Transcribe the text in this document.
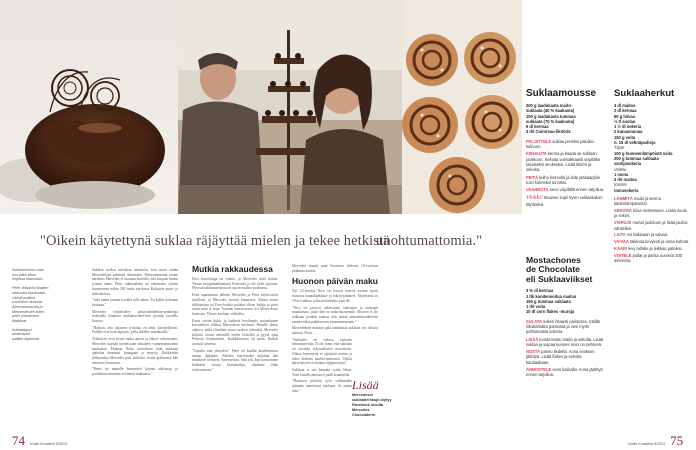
"Oikein käytettynä suklaa räjäyttää mielen ja tekee hetkistä
unohtumattomia."
Suklaamuseon sala-
non pitkä sillan
lohjassa tilastolaan.
Peter Wilsqvist (kuiden
rakkoutui lopulooaan.
Välisilt pralleet
suurkärsit oireessa
Alfonsanhaarolla ja
Mercendesien kuten
perin yhteisiseen
tilaisiksin.
Suklaalippuí
lahdehtyset
pailiten täytteistä.

Suklaan tuoksu tulvahtaa nenäasiin, kun astun sisään Mercedeksen pienteen tehtaaseen. Parhyvimmentä vaseta aurinoits Mercedes el ruunaan kertoilla, että koopaat kunne joitaan tänne. Pieni suklaatehdas on rakennettu yhteen huonneseen mihin 200 rustta rau-kassa Kukayrin puuti- ja tullituksessa.

"Joka aamu tunnun hyvältä tulla tänne. En kyllin tiedonon koskaan."

Mercedes viimeistelee passionhedelmän-pralineaja teräistellä kaunissa suklaakuviteel-leen pieniin voisiella kuvissa.

"Halusin, että jokainen tyistaika on tehty kaosdellisesti. Pralleit ovat kuin lapsiani, joilla liikelite murdmailla."

Työkatoisi ovat hyvin suuka aiuoni ja olkoot valmistautet. Mercedes käyttää tuotteissaan mikaleen vuonennaimoinen kaukaalan. Mukaan Nalin vasteuksen vaan tarkkaan ajattelua kermaan, kuungaan ja mayvja. Rukkaaden jälliyaosktu Mercedes puri ituliiluto, mutta pralinensa hän innostoii Suomessa.

"Pettet toi nimielle harttavalot kirjaisi suklaasta, ja praliiteissa muuttuu vai minut mukaansa."

Mutkia rakkaudessa

Ettei kuvoloinga on valmis, ja Mercedes etitti toritaa. Tarvan kotupiskaiihamanti Petersistä ja ole riidii tajoussa. Hyvissä rakkeuuertsissa on tasoin muiltta siraksassa.

Eetei tapasimmin jälkeen Mercedes ja Peter käyttivätvät toisilleen, ja Mercedes vierutti Suomessa. Adasta ensen sithkipottaa tai Face-bookia puhelut olkeat kaltija ja posti toinsi mitä ja mita. Tytteran ensisesossen sisi Merce-desin huonstoa. Yhteys kaaltuui välittyllet.

Kausi vuotta kului, ja kaikesta huolimatta suomalainen kerrotaikiin vilkkui Mercedesin mielessä. Hänelle olikin valjuva, miltä olimitäni vuossi ardossi tärkeahti. Mercedes kirjoitti viestin zeksetille isseen hostellin ja pyysä apua Petersin löytämiseksi. Kaikkilatoisua oli pieni. Kutkili tasaisiit toisensa.

"Lopulta sain yhteyden." Peter oli kaallut kuulleemassa minun ikäpäiäni. Rahden kun-kanden kuluttua hän muutkisei luokseni Venezuelaan. Sitä seli, kun katsoomme kolmastu vuosia kosinkuikija, uhoinme ollan toisiistameen."

Mercedes muutti pian Suomeen yhdessä 15-vuotisen poikansa kanssa.
Huonon päivän maku

Nyt 22-vuotias Nico on lasssut itätoon avukai myen musasus banaalipäkkaia- ja lakriti-pralineet. Myymässä on 10-eri sukkaa, jotka neosekäisia jopa 40.

"Nico on pertsyti rukiessanot suikeajan ja taokoqin muailaasasi, jotari hän on tsuka-kuosemäät. Muosen ei ole nokkaan pettään muutas hän antiaa ammattimaialiteeen ominet-täkin pakkiseosen suusrminessaaan."

Mercedeksen mukaan pala laadukasta suklaata vas tubstoa kaiuraa. Pieni.

"Suklaalla on valtava vaikutus ihmisimin-hiin. Ei ole ihme, että suklaata on vuvieita seksuaalisesti muottiseen. Oikein käytettynä se räjäyttää mielen ja tekee hetkistä unohtu-mattomia. Valtiin kärsytettynä se olautuu räjppeessärjä."

Suklaata ei siis kannata syödä liikaa. Toen kristillisemissa ei pääli kruamtella.

"Huonoon päivään syön vulleamella suklaata manisenaa suklaata. Se auttaa aina."	Lisää
Mercedesin suklaaherkkuja löytyy Facebook-sivulta Mercedes Chocolaterie.
Suklaamousse
200 g laadukasta maito-
suklaata (40 % kaakaota)
100 g laadukasta tummaa
suklaata (70 % kaakaota)
5 dl kermaa
3 rkl Cointreau-likööriä

PALOITTELE suklaa pieniksi paloiksi kulhoon.

KIEHAUTA kerma ja kaada se suklaan joukkoon. Sekoita voimakkaasti vispilällä tasaiseksi seokseksi. Lisää likööri ja sekoita.

PEITÄ kulho kelmulla ja laita jääkaappiin noin kolmeksi tunniksi.

VAAHDOTA seos vispilällä ennen tarjoilua.

Vinkki! Mousse sopii hyvin suklaakakun täytteeksi.

Mostachones
de Chocolate
eli Suklaaviikset
3 % dl kermaa
1 tlk kondensoitua maitoa
150 g tummaa suklaata
1 rkl voita
10 dl corn flakes -muroja

SULATA sokeri hitaasti paistossa. Välillä liikuttamatta paistosta ja vesi myös polttomaista sokeria.

LISÄÄ kondensoitu maito ja sekoita. Lisää suklaa ja vispaa kunnes seos on pehmeä.

NOSTA pannu liedeltä. Anna seoksen jäähtyä. Lisää flakes ja sekoita kauttaaltaan.

ANNOSTELE seos lusikalla. Anna jäähtyä ennen tarjoilua.

Suklaaherkut
4 dl maitoa
2 dl kermaa
50 g hiivaa
½ tl suolaa
1 ½ dl sokeria
2 kananmunaa
150 g voita
n. 15 dl vehnäjauhoja
Täyte
100 g huoneenlämpöistä voita
200 g tummaa suklaata
vaniljasokeria
Voitelu
1 muna
3 rkl maitoa
Koriste
tomusokeria

LÄMMITÄ maito ja kerma kädenlämpöiseksi.

SEKOITA hiiva nesteeseen. Lisää suola ja sokeri.

VISPILÖI munat joukkoon ja lisää jauhot vähitellen.

LAITA voi taikinaan ja vaivaa.

VAIVAA taikinaa kevyesti ja anna kohota.

KÄÄRI levy rullalle ja leikkaa paloiksi.

VOITELE pullat ja paista uunissa 200 asteessa.

74 Kodin Kuvalehti 8/2014	Kodin Kuvalehti 8/2014 75
